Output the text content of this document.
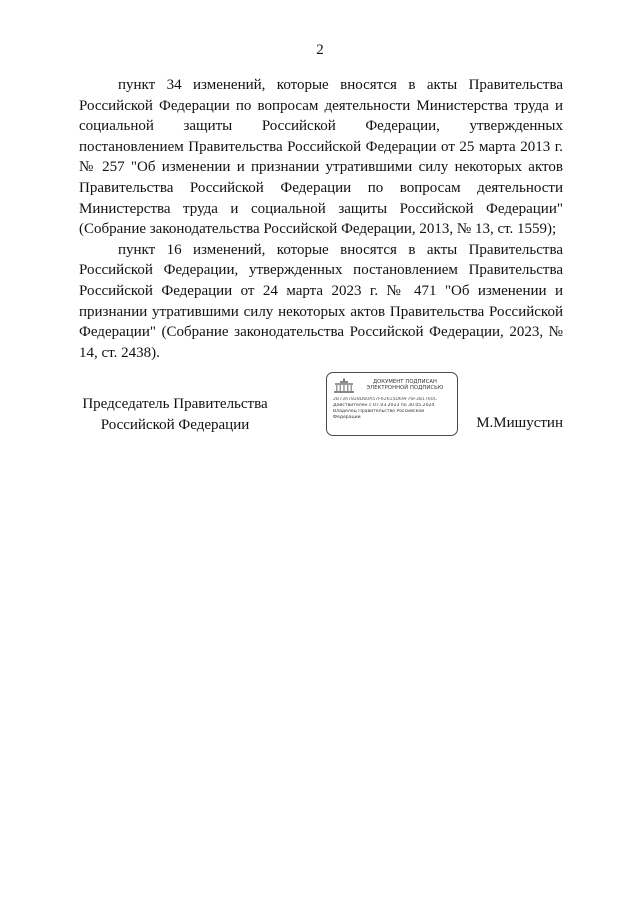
2

пункт 34 изменений, которые вносятся в акты Правительства Российской Федерации по вопросам деятельности Министерства труда и социальной защиты Российской Федерации, утвержденных постановлением Правительства Российской Федерации от 25 марта 2013 г. № 257 "Об изменении и признании утратившими силу некоторых актов Правительства Российской Федерации по вопросам деятельности Министерства труда и социальной защиты Российской Федерации" (Собрание законодательства Российской Федерации, 2013, № 13, ст. 1559);

пункт 16 изменений, которые вносятся в акты Правительства Российской Федерации, утвержденных постановлением Правительства Российской Федерации от 24 марта 2023 г. № 471 "Об изменении и признании утратившими силу некоторых актов Правительства Российской Федерации" (Собрание законодательства Российской Федерации, 2023, № 14, ст. 2438).

Председатель Правительства
Российской Федерации
ДОКУМЕНТ ПОДПИСАН
ЭЛЕКТРОННОЙ ПОДПИСЬЮ
2B73A7828D80A57F62615D69F76F3B1760C
Действителен с 07.03.2023 по 30.05.2024
Владелец Правительство Российской
Федерации	М.Мишустин
